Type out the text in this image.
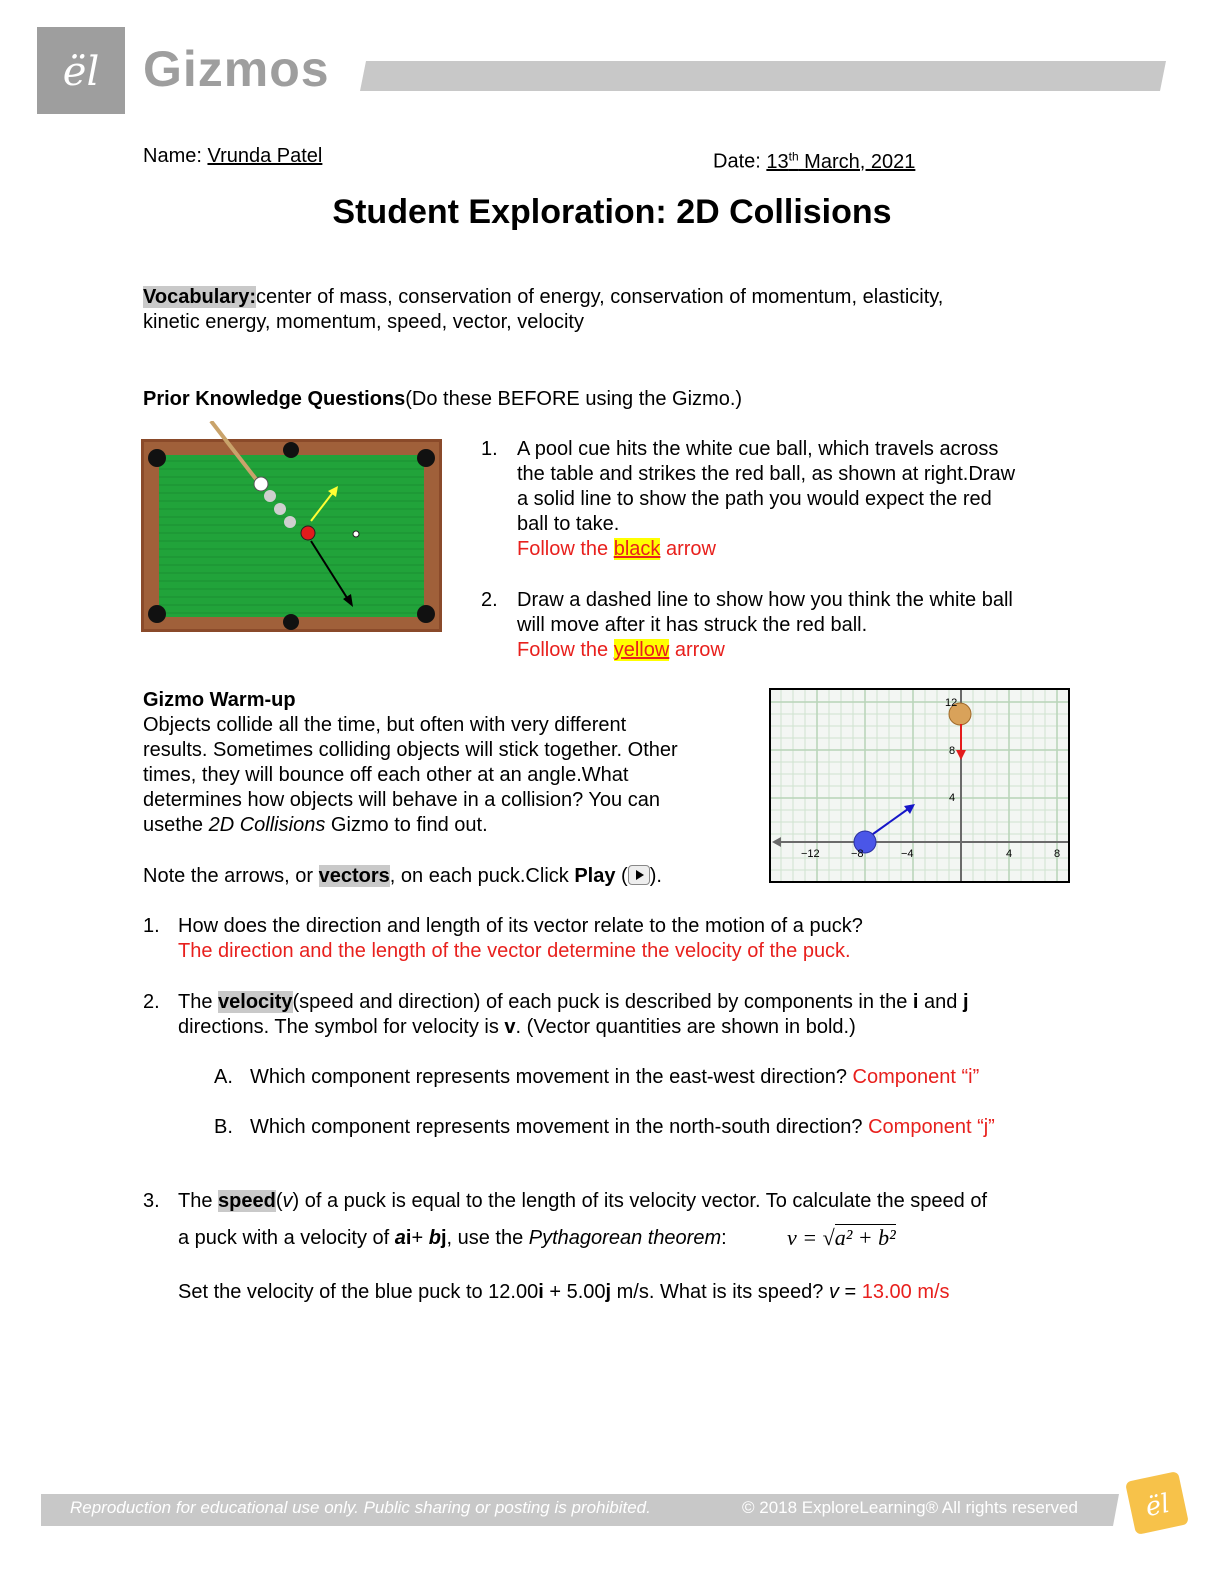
ël Gizmos
Name: Vrunda Patel	Date: 13th March, 2021
Student Exploration: 2D Collisions
Vocabulary:center of mass, conservation of energy, conservation of momentum, elasticity,
kinetic energy, momentum, speed, vector, velocity
Prior Knowledge Questions(Do these BEFORE using the Gizmo.)
1. A pool cue hits the white cue ball, which travels across
the table and strikes the red ball, as shown at right.Draw
a solid line to show the path you would expect the red
ball to take.
Follow the black arrow
2. Draw a dashed line to show how you think the white ball
will move after it has struck the red ball.
Follow the yellow arrow
Gizmo Warm-up
Objects collide all the time, but often with very different
results. Sometimes colliding objects will stick together. Other
times, they will bounce off each other at an angle.What
determines how objects will behave in a collision? You can
usethe 2D Collisions Gizmo to find out.
Note the arrows, or vectors, on each puck.Click Play ( ).
−12	−8	−4	4	8
12
8
4
1. How does the direction and length of its vector relate to the motion of a puck?
The direction and the length of the vector determine the velocity of the puck.
2. The velocity(speed and direction) of each puck is described by components in the i and j
directions. The symbol for velocity is v. (Vector quantities are shown in bold.)
A. Which component represents movement in the east-west direction? Component “i”
B. Which component represents movement in the north-south direction? Component “j”
3. The speed(v) of a puck is equal to the length of its velocity vector. To calculate the speed of
a puck with a velocity of ai+ bj, use the Pythagorean theorem:	v = √a² + b²
Set the velocity of the blue puck to 12.00i + 5.00j m/s. What is its speed? v = 13.00 m/s
Reproduction for educational use only. Public sharing or posting is prohibited.	© 2018 ExploreLearning® All rights reserved ël
